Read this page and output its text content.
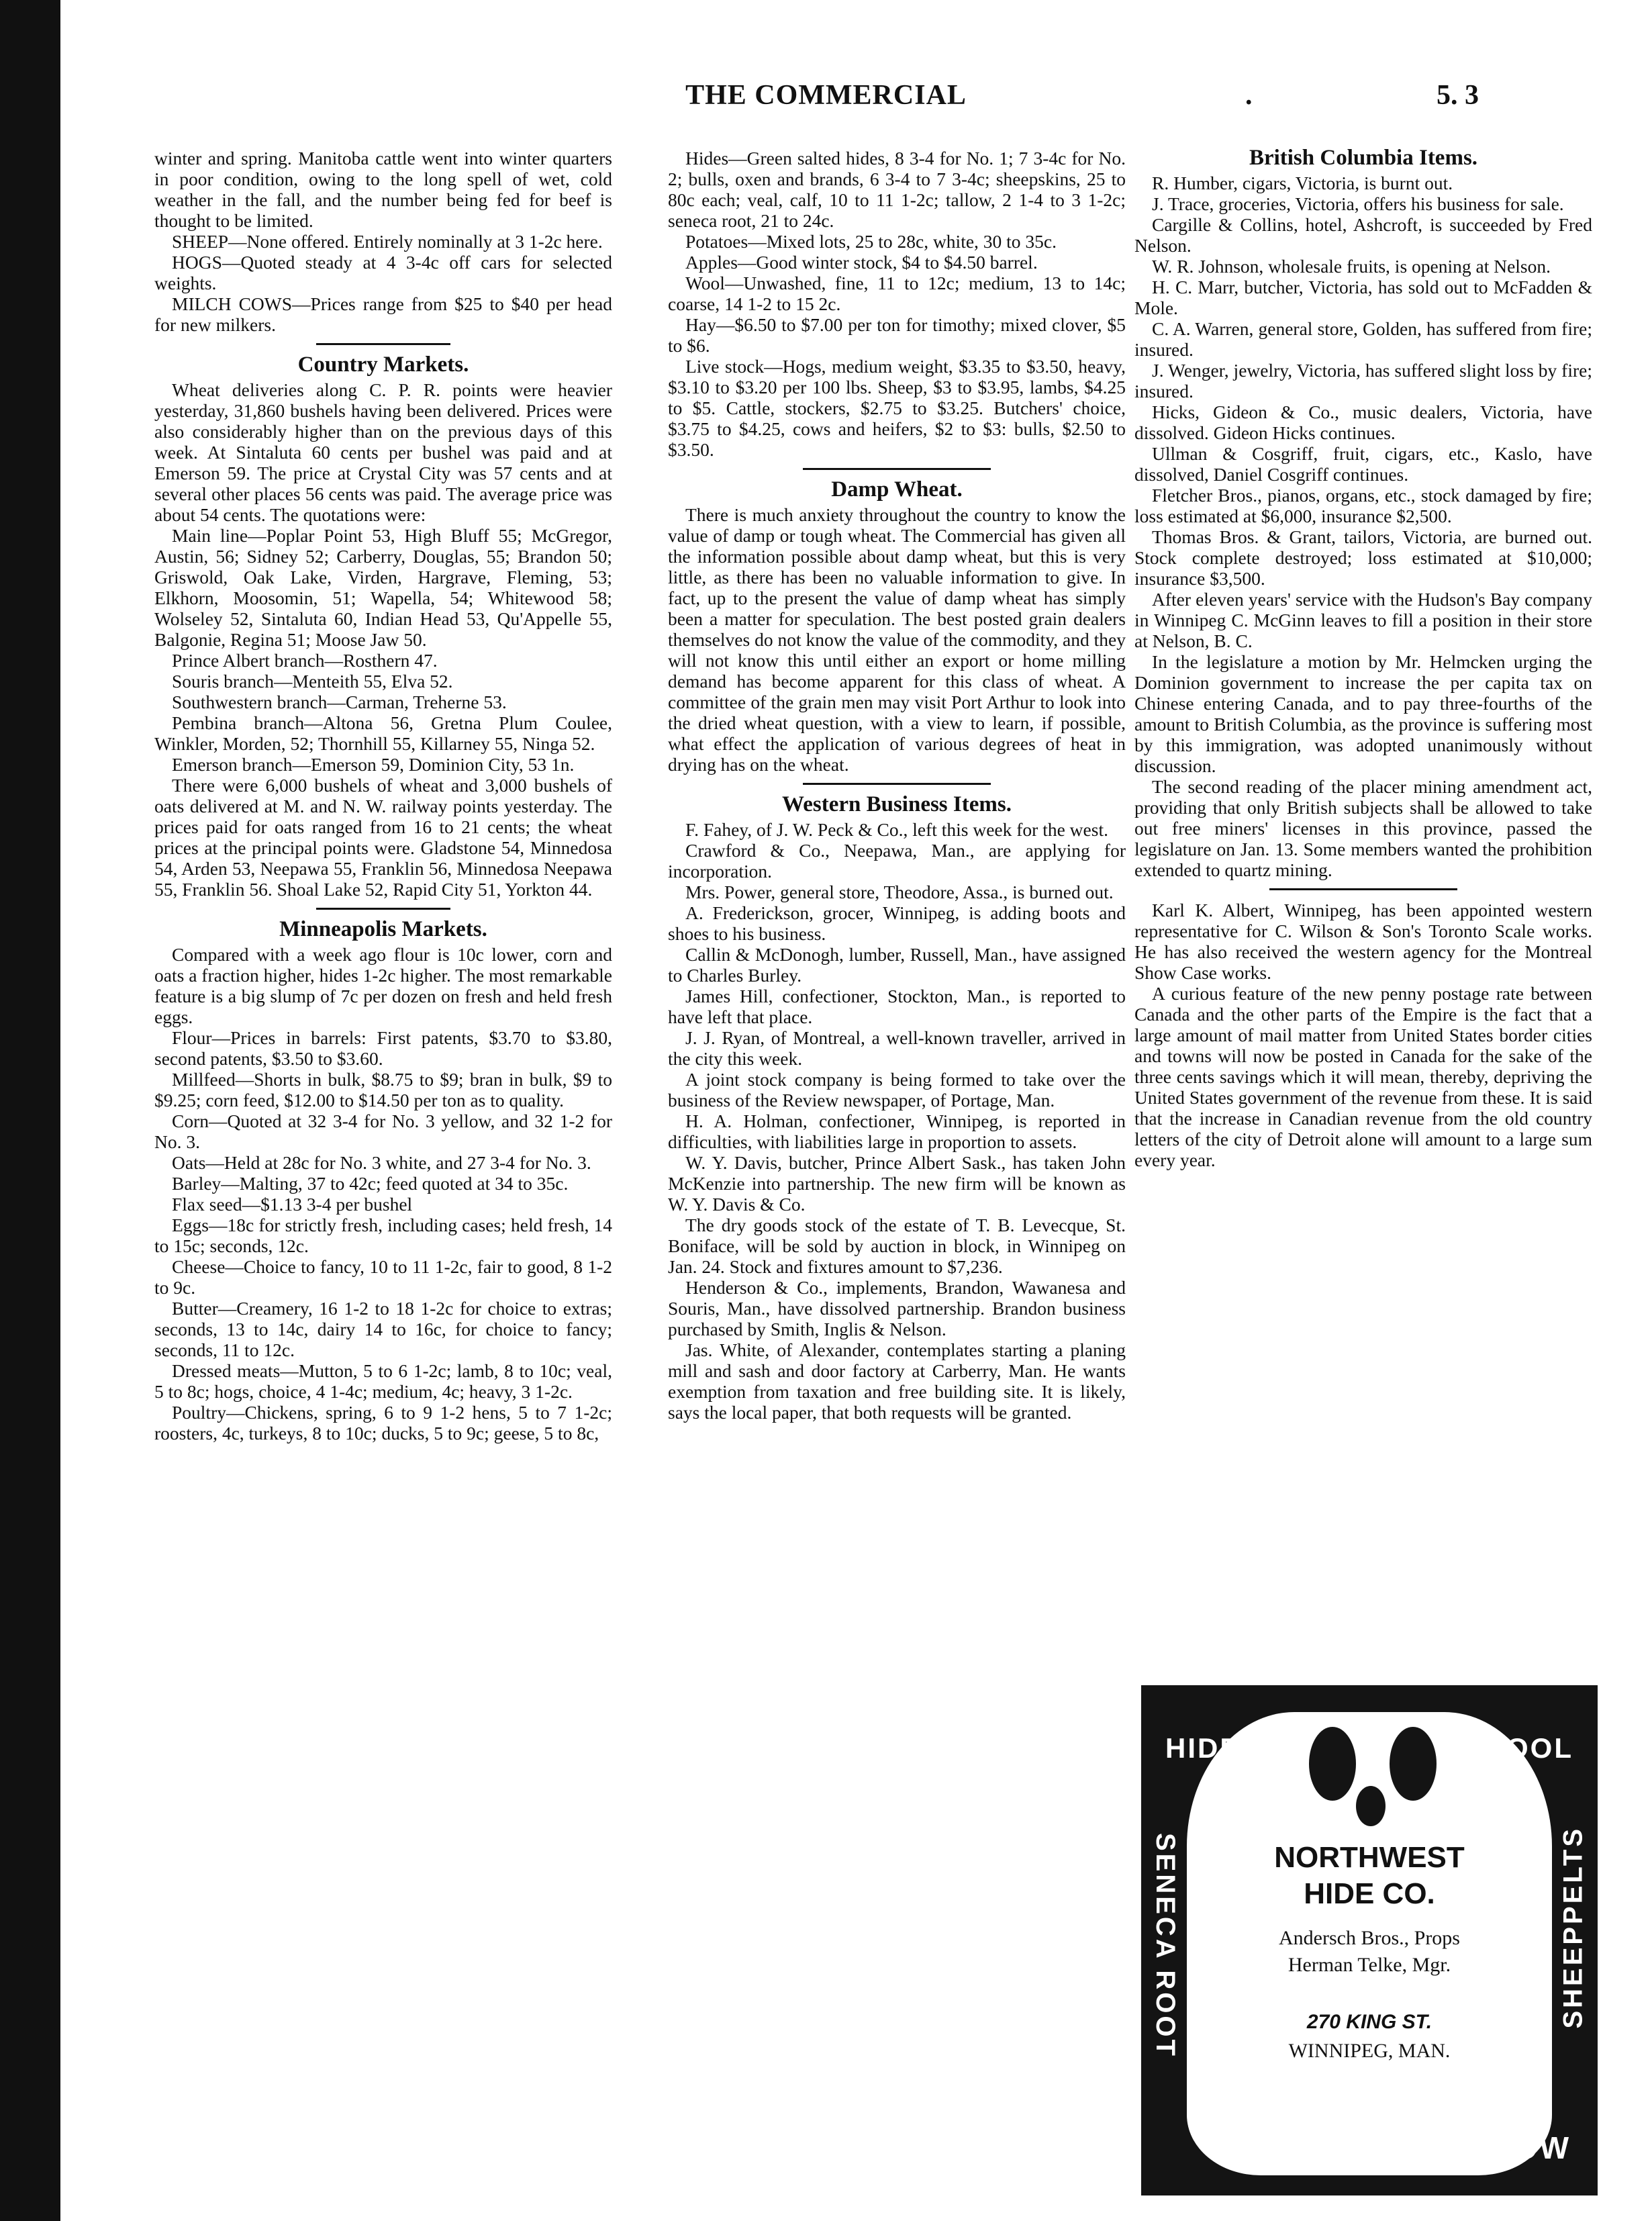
THE COMMERCIAL	.	5. 3

winter and spring. Manitoba cattle went into winter quarters in poor condition, owing to the long spell of wet, cold weather in the fall, and the number being fed for beef is thought to be limited.

SHEEP—None offered. Entirely nominally at 3 1-2c here.

HOGS—Quoted steady at 4 3-4c off cars for selected weights.

MILCH COWS—Prices range from $25 to $40 per head for new milkers.

Country Markets.

Wheat deliveries along C. P. R. points were heavier yesterday, 31,860 bushels having been delivered. Prices were also considerably higher than on the previous days of this week. At Sintaluta 60 cents per bushel was paid and at Emerson 59. The price at Crystal City was 57 cents and at several other places 56 cents was paid. The average price was about 54 cents. The quotations were:

Main line—Poplar Point 53, High Bluff 55; McGregor, Austin, 56; Sidney 52; Carberry, Douglas, 55; Brandon 50; Griswold, Oak Lake, Virden, Hargrave, Fleming, 53; Elkhorn, Moosomin, 51; Wapella, 54; Whitewood 58; Wolseley 52, Sintaluta 60, Indian Head 53, Qu'Appelle 55, Balgonie, Regina 51; Moose Jaw 50.

Prince Albert branch—Rosthern 47.

Souris branch—Menteith 55, Elva 52.

Southwestern branch—Carman, Treherne 53.

Pembina branch—Altona 56, Gretna Plum Coulee, Winkler, Morden, 52; Thornhill 55, Killarney 55, Ninga 52.

Emerson branch—Emerson 59, Dominion City, 53 1n.

There were 6,000 bushels of wheat and 3,000 bushels of oats delivered at M. and N. W. railway points yesterday. The prices paid for oats ranged from 16 to 21 cents; the wheat prices at the principal points were. Gladstone 54, Minnedosa 54, Arden 53, Neepawa 55, Franklin 56, Minnedosa Neepawa 55, Franklin 56. Shoal Lake 52, Rapid City 51, Yorkton 44.

Minneapolis Markets.

Compared with a week ago flour is 10c lower, corn and oats a fraction higher, hides 1-2c higher. The most remarkable feature is a big slump of 7c per dozen on fresh and held fresh eggs.

Flour—Prices in barrels: First patents, $3.70 to $3.80, second patents, $3.50 to $3.60.

Millfeed—Shorts in bulk, $8.75 to $9; bran in bulk, $9 to $9.25; corn feed, $12.00 to $14.50 per ton as to quality.

Corn—Quoted at 32 3-4 for No. 3 yellow, and 32 1-2 for No. 3.

Oats—Held at 28c for No. 3 white, and 27 3-4 for No. 3.

Barley—Malting, 37 to 42c; feed quoted at 34 to 35c.

Flax seed—$1.13 3-4 per bushel

Eggs—18c for strictly fresh, including cases; held fresh, 14 to 15c; seconds, 12c.

Cheese—Choice to fancy, 10 to 11 1-2c, fair to good, 8 1-2 to 9c.

Butter—Creamery, 16 1-2 to 18 1-2c for choice to extras; seconds, 13 to 14c, dairy 14 to 16c, for choice to fancy; seconds, 11 to 12c.

Dressed meats—Mutton, 5 to 6 1-2c; lamb, 8 to 10c; veal, 5 to 8c; hogs, choice, 4 1-4c; medium, 4c; heavy, 3 1-2c.

Poultry—Chickens, spring, 6 to 9 1-2 hens, 5 to 7 1-2c; roosters, 4c, turkeys, 8 to 10c; ducks, 5 to 9c; geese, 5 to 8c,

Hides—Green salted hides, 8 3-4 for No. 1; 7 3-4c for No. 2; bulls, oxen and brands, 6 3-4 to 7 3-4c; sheepskins, 25 to 80c each; veal, calf, 10 to 11 1-2c; tallow, 2 1-4 to 3 1-2c; seneca root, 21 to 24c.

Potatoes—Mixed lots, 25 to 28c, white, 30 to 35c.

Apples—Good winter stock, $4 to $4.50 barrel.

Wool—Unwashed, fine, 11 to 12c; medium, 13 to 14c; coarse, 14 1-2 to 15 2c.

Hay—$6.50 to $7.00 per ton for timothy; mixed clover, $5 to $6.

Live stock—Hogs, medium weight, $3.35 to $3.50, heavy, $3.10 to $3.20 per 100 lbs. Sheep, $3 to $3.95, lambs, $4.25 to $5. Cattle, stockers, $2.75 to $3.25. Butchers' choice, $3.75 to $4.25, cows and heifers, $2 to $3: bulls, $2.50 to $3.50.

Damp Wheat.

There is much anxiety throughout the country to know the value of damp or tough wheat. The Commercial has given all the information possible about damp wheat, but this is very little, as there has been no valuable information to give. In fact, up to the present the value of damp wheat has simply been a matter for speculation. The best posted grain dealers themselves do not know the value of the commodity, and they will not know this until either an export or home milling demand has become apparent for this class of wheat. A committee of the grain men may visit Port Arthur to look into the dried wheat question, with a view to learn, if possible, what effect the application of various degrees of heat in drying has on the wheat.

Western Business Items.

F. Fahey, of J. W. Peck & Co., left this week for the west.

Crawford & Co., Neepawa, Man., are applying for incorporation.

Mrs. Power, general store, Theodore, Assa., is burned out.

A. Frederickson, grocer, Winnipeg, is adding boots and shoes to his business.

Callin & McDonogh, lumber, Russell, Man., have assigned to Charles Burley.

James Hill, confectioner, Stockton, Man., is reported to have left that place.

J. J. Ryan, of Montreal, a well-known traveller, arrived in the city this week.

A joint stock company is being formed to take over the business of the Review newspaper, of Portage, Man.

H. A. Holman, confectioner, Winnipeg, is reported in difficulties, with liabilities large in proportion to assets.

W. Y. Davis, butcher, Prince Albert Sask., has taken John McKenzie into partnership. The new firm will be known as W. Y. Davis & Co.

The dry goods stock of the estate of T. B. Levecque, St. Boniface, will be sold by auction in block, in Winnipeg on Jan. 24. Stock and fixtures amount to $7,236.

Henderson & Co., implements, Brandon, Wawanesa and Souris, Man., have dissolved partnership. Brandon business purchased by Smith, Inglis & Nelson.

Jas. White, of Alexander, contemplates starting a planing mill and sash and door factory at Carberry, Man. He wants exemption from taxation and free building site. It is likely, says the local paper, that both requests will be granted.

British Columbia Items.

R. Humber, cigars, Victoria, is burnt out.

J. Trace, groceries, Victoria, offers his business for sale.

Cargille & Collins, hotel, Ashcroft, is succeeded by Fred Nelson.

W. R. Johnson, wholesale fruits, is opening at Nelson.

H. C. Marr, butcher, Victoria, has sold out to McFadden & Mole.

C. A. Warren, general store, Golden, has suffered from fire; insured.

J. Wenger, jewelry, Victoria, has suffered slight loss by fire; insured.

Hicks, Gideon & Co., music dealers, Victoria, have dissolved. Gideon Hicks continues.

Ullman & Cosgriff, fruit, cigars, etc., Kaslo, have dissolved, Daniel Cosgriff continues.

Fletcher Bros., pianos, organs, etc., stock damaged by fire; loss estimated at $6,000, insurance $2,500.

Thomas Bros. & Grant, tailors, Victoria, are burned out. Stock complete destroyed; loss estimated at $10,000; insurance $3,500.

After eleven years' service with the Hudson's Bay company in Winnipeg C. McGinn leaves to fill a position in their store at Nelson, B. C.

In the legislature a motion by Mr. Helmcken urging the Dominion government to increase the per capita tax on Chinese entering Canada, and to pay three-fourths of the amount to British Columbia, as the province is suffering most by this immigration, was adopted unanimously without discussion.

The second reading of the placer mining amendment act, providing that only British subjects shall be allowed to take out free miners' licenses in this province, passed the legislature on Jan. 13. Some members wanted the prohibition extended to quartz mining.

Karl K. Albert, Winnipeg, has been appointed western representative for C. Wilson & Son's Toronto Scale works. He has also received the western agency for the Montreal Show Case works.

A curious feature of the new penny postage rate between Canada and the other parts of the Empire is the fact that a large amount of mail matter from United States border cities and towns will now be posted in Canada for the sake of the three cents savings which it will mean, thereby, depriving the United States government of the revenue from these. It is said that the increase in Canadian revenue from the old country letters of the city of Detroit alone will amount to a large sum every year.

HIDES	WOOL
SENECA ROOT	SHEEPPELTS
NORTHWEST
HIDE CO.
Andersch Bros., Props
Herman Telke, Mgr.
270 KING ST.
WINNIPEG, MAN.
FUR	TALLOW
